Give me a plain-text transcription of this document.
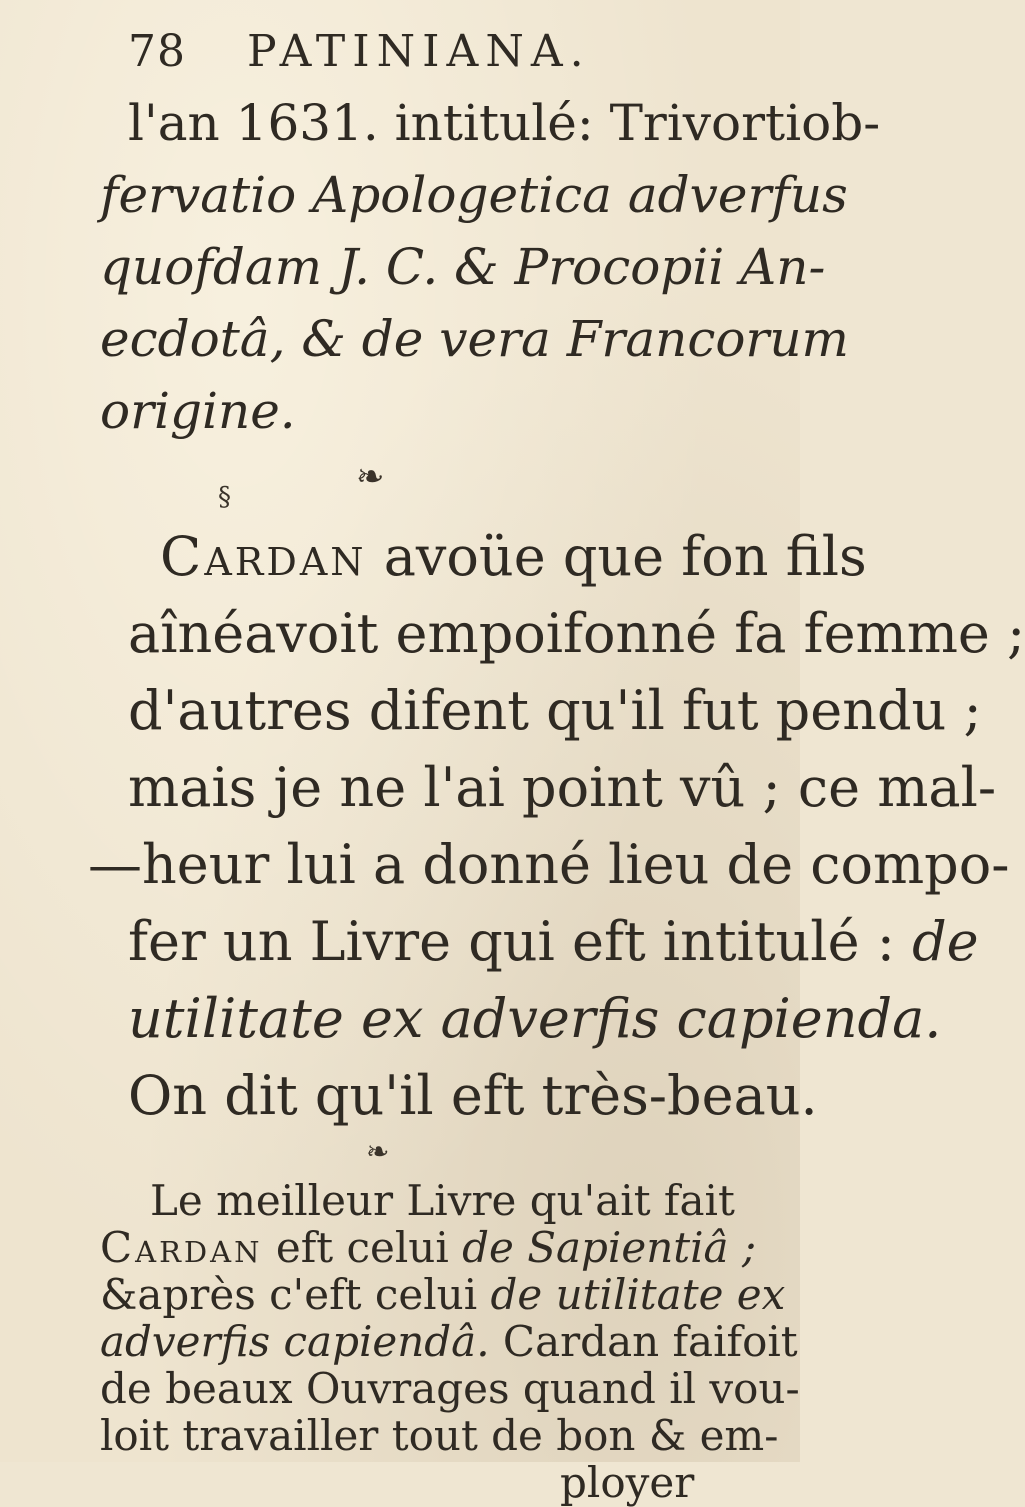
78 PATINIANA.
l'an 1631. intitulé: Trivortiob-
fervatio Apologetica adverfus
quofdam J. C. & Procopii An-
ecdotâ, & de vera Francorum
origine.
❧
§
Cardan avoüe que fon fils
aînéavoit empoifonné fa femme ;
d'autres difent qu'il fut pendu ;
mais je ne l'ai point vû ; ce mal-
—heur lui a donné lieu de compo-
fer un Livre qui eft intitulé : de
utilitate ex adverfis capienda.
On dit qu'il eft très-beau.
❧
Le meilleur Livre qu'ait fait
Cardan eft celui de Sapientiâ ;
&après c'eft celui de utilitate ex
adverfis capiendâ. Cardan faifoit
de beaux Ouvrages quand il vou-
loit travailler tout de bon & em-
ployer
